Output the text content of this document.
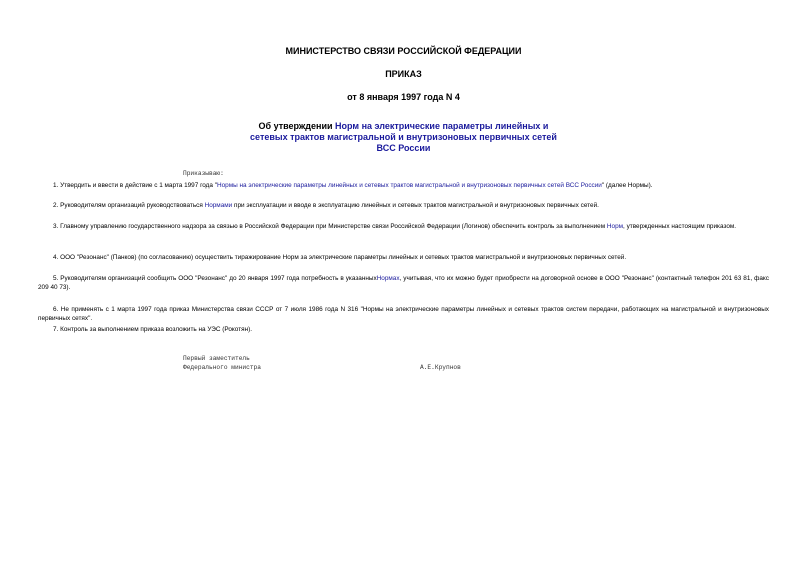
МИНИСТЕРСТВО СВЯЗИ РОССИЙСКОЙ ФЕДЕРАЦИИ

ПРИКАЗ

от 8 января 1997 года N 4

Об утверждении Норм на электрические параметры линейных и сетевых трактов магистральной и внутризоновых первичных сетей ВСС России
Приказываю:

1. Утвердить и ввести в действие с 1 марта 1997 года "Нормы на электрические параметры линейных и сетевых трактов магистральной и внутризоновых первичных сетей ВСС России" (далее Нормы).

2. Руководителям организаций руководствоваться Нормами при эксплуатации и вводе в эксплуатацию линейных и сетевых трактов магистральной и внутризоновых первичных сетей.

3. Главному управлению государственного надзора за связью в Российской Федерации при Министерстве связи Российской Федерации (Логинов) обеспечить контроль за выполнением Норм, утвержденных настоящим приказом.

4. ООО "Резонанс" (Панков) (по согласованию) осуществить тиражирование Норм за электрические параметры линейных и сетевых трактов магистральной и внутризоновых первичных сетей.

5. Руководителям организаций сообщить ООО "Резонанс" до 20 января 1997 года потребность в указанныхНормах, учитывая, что их можно будет приобрести на договорной основе в ООО "Резонанс" (контактный телефон 201 63 81, факс 209 40 73).

6. Не применять с 1 марта 1997 года приказ Министерства связи СССР от 7 июля 1986 года N 316 "Нормы на электрические параметры линейных и сетевых трактов систем передачи, работающих на магистральной и внутризоновых первичных сетях".

7. Контроль за выполнением приказа возложить на УЭС (Рокотян).

Первый заместитель
Федерального министра	А.Е.Крупнов
